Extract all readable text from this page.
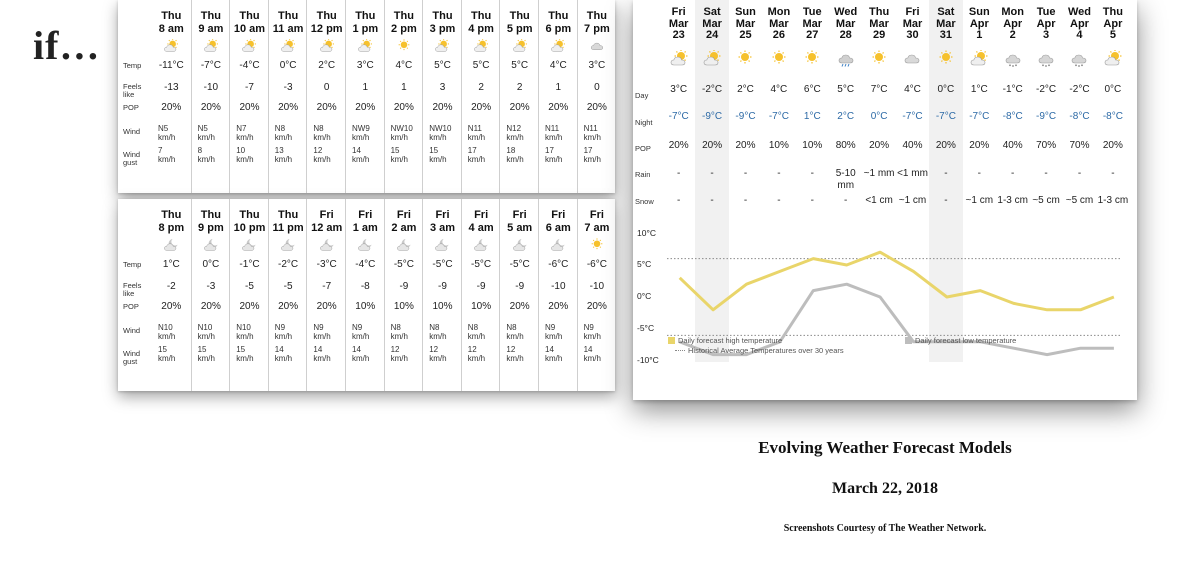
if…	Temp
Feels like
POP
Wind
Wind gust
Thu
8 am
-11°C
-13
20%
N5
km/h
7
km/h
Thu
9 am
-7°C
-10
20%
N5
km/h
8
km/h
Thu
10 am
-4°C
-7
20%
N7
km/h
10
km/h
Thu
11 am
0°C
-3
20%
N8
km/h
13
km/h
Thu
12 pm
2°C
0
20%
N8
km/h
12
km/h
Thu
1 pm
3°C
1
20%
NW9
km/h
14
km/h
Thu
2 pm
4°C
1
20%
NW10
km/h
15
km/h
Thu
3 pm
5°C
3
20%
NW10
km/h
15
km/h
Thu
4 pm
5°C
2
20%
N11
km/h
17
km/h
Thu
5 pm
5°C
2
20%
N12
km/h
18
km/h
Thu
6 pm
4°C
1
20%
N11
km/h
17
km/h
Thu
7 pm
3°C
0
20%
N11
km/h
17
km/h
Temp
Feels like
POP
Wind
Wind gust
Thu
8 pm
1°C
-2
20%
N10
km/h
15
km/h
Thu
9 pm
0°C
-3
20%
N10
km/h
15
km/h
Thu
10 pm
-1°C
-5
20%
N10
km/h
15
km/h
Thu
11 pm
-2°C
-5
20%
N9
km/h
14
km/h
Fri
12 am
-3°C
-7
20%
N9
km/h
14
km/h
Fri
1 am
-4°C
-8
10%
N9
km/h
14
km/h
Fri
2 am
-5°C
-9
10%
N8
km/h
12
km/h
Fri
3 am
-5°C
-9
10%
N8
km/h
12
km/h
Fri
4 am
-5°C
-9
10%
N8
km/h
12
km/h
Fri
5 am
-5°C
-9
20%
N8
km/h
12
km/h
Fri
6 am
-6°C
-10
20%
N9
km/h
14
km/h
Fri
7 am
-6°C
-10
20%
N9
km/h
14
km/h
Day
Night
POP
Rain
Snow
Fri
Mar
23
3°C
-7°C
20%
-
-
Sat
Mar
24
-2°C
-9°C
20%
-
-
Sun
Mar
25
2°C
-9°C
20%
-
-
Mon
Mar
26
4°C
-7°C
10%
-
-
Tue
Mar
27
6°C
1°C
10%
-
-
Wed
Mar
28
5°C
2°C
80%
5-10 mm
-
Thu
Mar
29
7°C
0°C
20%
~1 mm
<1 cm
Fri
Mar
30
4°C
-7°C
40%
<1 mm
~1 cm
Sat
Mar
31
0°C
-7°C
20%
-
-
Sun
Apr
1
1°C
-7°C
20%
-
~1 cm
Mon
Apr
2
-1°C
-8°C
40%
-
1-3 cm
Tue
Apr
3
-2°C
-9°C
70%
-
~5 cm
Wed
Apr
4
-2°C
-8°C
70%
-
~5 cm
Thu
Apr
5
0°C
-8°C
20%
-
1-3 cm
10°C
5°C
0°C
-5°C
-10°C
Daily forecast high temperature	Daily forecast low temperature
Historical Average Temperatures over 30 years
Evolving Weather Forecast Models
March 22, 2018
Screenshots Courtesy of The Weather Network.
